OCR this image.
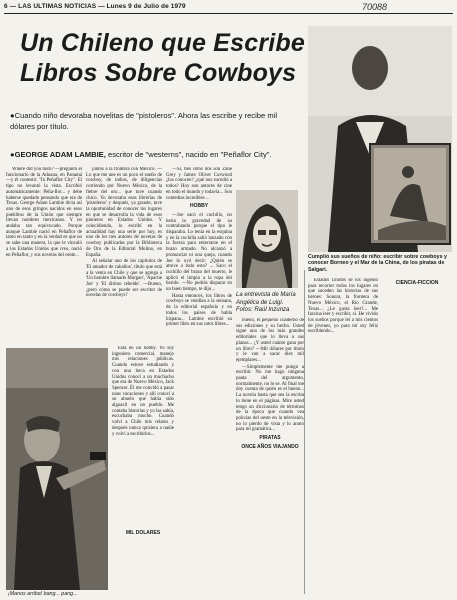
6 — LAS ULTIMAS NOTICIAS — Lunes 9 de Julio de 1979	70088
Un Chileno que Escribe
Libros Sobre Cowboys
●Cuando niño devoraba novelitas de "pistoleros". Ahora las escribe y recibe mil dólares por título.
●GEORGE ADAM LAMBIE, escritor de "westerns", nacido en "Peñaflor City".
Cumplió sus sueños de niño: escribir sobre cowboys y conocer Borneo y el Mar de la China, de los piratas de Salgari.
La entrevista de María Angélica de Luigi. Fotos: Raúl Inzunza
¡Manos arriba! bang... pang...

Where did you born? —preguntó el funcionario de la Aduana, en Panamá —y él contestó: "In Peñaflor City". El tipo no levantó la vista. Escribió automáticamente: Peña-flor... y debe haberse quedado pensando que era de Texas. George Adam Lambie dicta así uno de esos gringos nacidos en esos pueblitos de la Unión que siempre llevan nombres mexicanos. Y no andaba tan equivocado. Porque aunque Lambie nació en Peñaflor de tanto en tanto y en la verdad es que no se sabe una manera, la que le vinculó a los Estados Unidos que creo, nació en Peñaflor, y sus novelas del oeste...

Está en un hobby. Yo soy ingeniero comercial, manejo mis relaciones públicas. Cuando estuve estudiando y con una beca en Estados Unidos conocí a un muchacho que era de Nuevo México, Jack Spencer. Él me convidó a pasar unas vacaciones y allí conocí a su abuelo que había sido alguacil en un pueblo. Me contaba historias y yo las sabía, escuchaba mucho. Cuando volví a Chile mis relatos y después nunca quisiera a nadie y volví a escribirlos...

juntos a la frontera con México. —Lo que me une es un poco el sueño de cowboy, de indios, de diligencias corriendo por Nuevo México, de la fiebre del oro... que tuve cuando chico. Yo devoraba esas librerías de 'pistoleros' y después, ya grande, tuve la oportunidad de conocer los lugares en que se desarrolla la vida de esos pioneros en Estados Unidos. Y coincidiendo, lo escribí en la actualidad hay una serie por hoy, es uno de los tres autores de novelas de cowboy publicadas por la Biblioteca de Oro de la Editorial Molino, en España.

Al señalar uno de los capítulos de 'El amador de caballos', título que está a la venta en Chile y que se agrega a 'Un hombre llamado Morgan', 'Apache Joe' y 'El último rebelde'. —Bueno, ¿pero cómo se puede ser escritor de novelas de cowboys?

—Sí, tres otros dos son Zane Grey y James Oliver Curwood ¿los conocen? ¿qué nos sucedió a todos? Hoy son autores de cine en todo el mundo y todavía... Son comedias increíbles ...

HOBBY

—Joe sacó el cuchillo, no heria la gravedad de su contrabando porque el tipo le disparaba. Lo tenía en la esquina y en la cuchilla salió lanzado con la fuerza para enterrarse en el brazo armado. No alcanzó a pronunciar ni una queja, cuando Joe lo oyó decir: ¿Quién se atreve a todo esto? ... Saco el cuchillo del brazo del muerto, le aplicó el limpio a la ropa del herido. —No podrás disparar en un buen tiempo, te dijo...

Hasta entonces, los libros de cowboys se vendían a la semana, de la editorial española y en todos los países de habla hispana... Lambie escribió su primer libro en sus ratos libres...

MIL DOLARES

bueno, el pequeño cuaderno de sus ediciones y su hecho. Usted sigue uno de los más grandes editoriales que lo lleva a sus planas... ¿Y usted cuánto gana por un libro? —Mil dólares por título y le van a sacar diez mil ejemplares...

—Simplemente me pongo a escribir. No me hago ninguna pauta del argumento, normalmente, no lo se. Al final me doy cuenta de quién es el bueno... La novela basta que sea la escrita lo tiene en el páginas. Mire usted tengo un diccionario de términos de la época que cuando vea policías del oeste en la televisión, no lo pierdo de vista y lo anoto para mi gramática...

PIRATAS
ONCE AÑOS VIAJANDO

Estados Unidos se los ingenió para recorrer todos los lugares en que suceden las historias de sus héroes: Sonora, la frontera de Nuevo México, el Río Grande, Texas... ¿Le gusta leer?... Me fascina leer y escribir, sí. He vivido los sueños porque leí a mis cientos de jóvenes, yo para mí soy feliz escribiendo...

CIENCIA-FICCION
